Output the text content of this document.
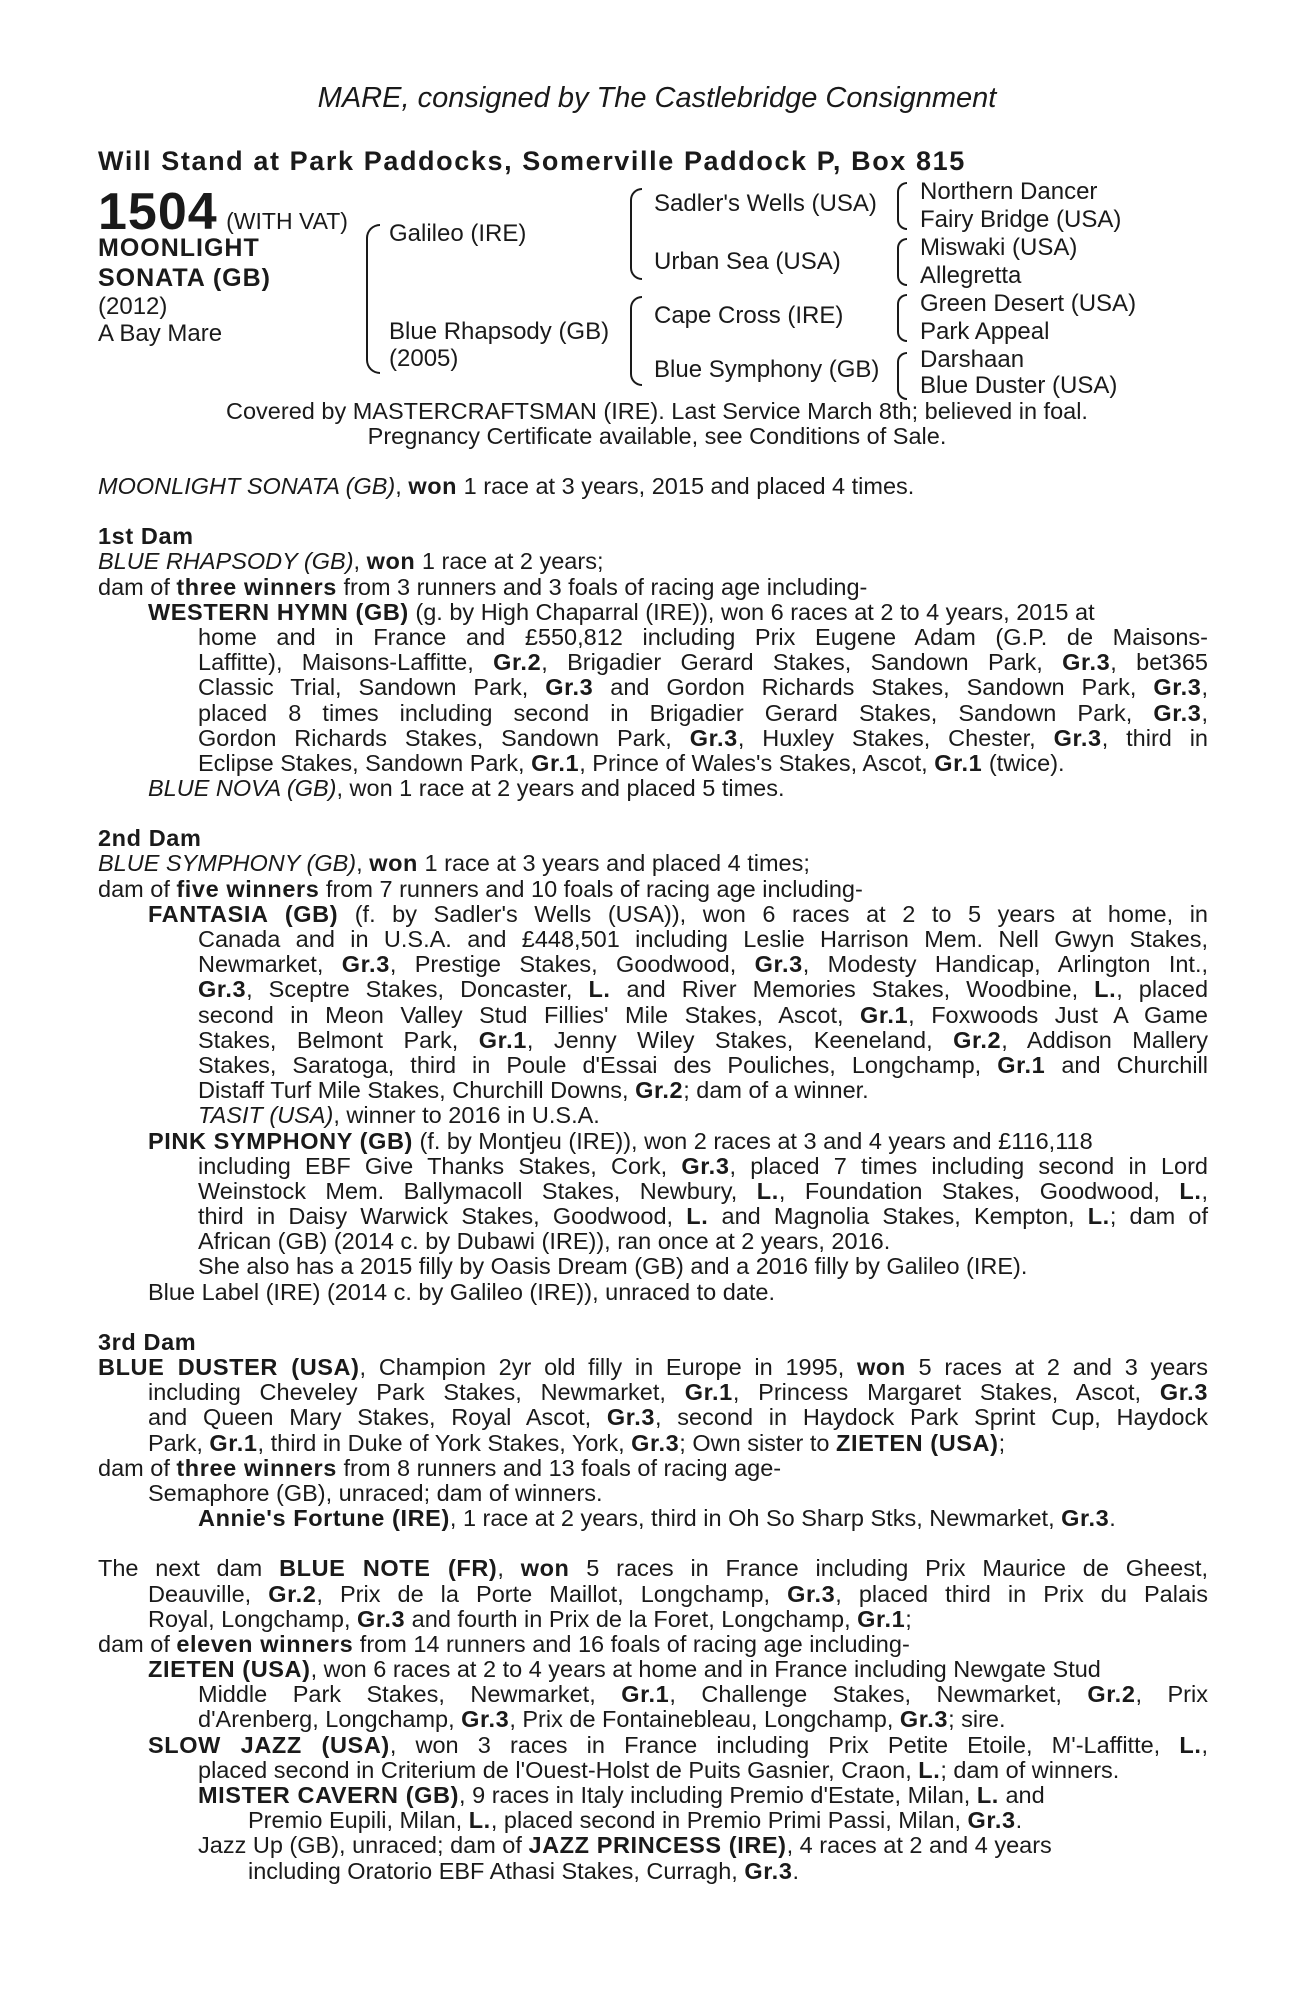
MARE, consigned by The Castlebridge Consignment
Will Stand at Park Paddocks, Somerville Paddock P, Box 815
1504 (WITH VAT)
MOONLIGHT
SONATA (GB)
(2012)
A Bay Mare
Galileo (IRE)
Blue Rhapsody (GB)
(2005)
Sadler's Wells (USA)
Urban Sea (USA)
Cape Cross (IRE)
Blue Symphony (GB)
Northern Dancer
Fairy Bridge (USA)
Miswaki (USA)
Allegretta
Green Desert (USA)
Park Appeal
Darshaan
Blue Duster (USA)
Covered by MASTERCRAFTSMAN (IRE). Last Service March 8th; believed in foal.
Pregnancy Certificate available, see Conditions of Sale.
MOONLIGHT SONATA (GB), won 1 race at 3 years, 2015 and placed 4 times.
1st Dam
BLUE RHAPSODY (GB), won 1 race at 2 years;
dam of three winners from 3 runners and 3 foals of racing age including-
WESTERN HYMN (GB) (g. by High Chaparral (IRE)), won 6 races at 2 to 4 years, 2015 at
home and in France and £550,812 including Prix Eugene Adam (G.P. de Maisons-
Laffitte), Maisons-Laffitte, Gr.2, Brigadier Gerard Stakes, Sandown Park, Gr.3, bet365
Classic Trial, Sandown Park, Gr.3 and Gordon Richards Stakes, Sandown Park, Gr.3,
placed 8 times including second in Brigadier Gerard Stakes, Sandown Park, Gr.3,
Gordon Richards Stakes, Sandown Park, Gr.3, Huxley Stakes, Chester, Gr.3, third in
Eclipse Stakes, Sandown Park, Gr.1, Prince of Wales's Stakes, Ascot, Gr.1 (twice).
BLUE NOVA (GB), won 1 race at 2 years and placed 5 times.
2nd Dam
BLUE SYMPHONY (GB), won 1 race at 3 years and placed 4 times;
dam of five winners from 7 runners and 10 foals of racing age including-
FANTASIA (GB) (f. by Sadler's Wells (USA)), won 6 races at 2 to 5 years at home, in
Canada and in U.S.A. and £448,501 including Leslie Harrison Mem. Nell Gwyn Stakes,
Newmarket, Gr.3, Prestige Stakes, Goodwood, Gr.3, Modesty Handicap, Arlington Int.,
Gr.3, Sceptre Stakes, Doncaster, L. and River Memories Stakes, Woodbine, L., placed
second in Meon Valley Stud Fillies' Mile Stakes, Ascot, Gr.1, Foxwoods Just A Game
Stakes, Belmont Park, Gr.1, Jenny Wiley Stakes, Keeneland, Gr.2, Addison Mallery
Stakes, Saratoga, third in Poule d'Essai des Pouliches, Longchamp, Gr.1 and Churchill
Distaff Turf Mile Stakes, Churchill Downs, Gr.2; dam of a winner.
TASIT (USA), winner to 2016 in U.S.A.
PINK SYMPHONY (GB) (f. by Montjeu (IRE)), won 2 races at 3 and 4 years and £116,118
including EBF Give Thanks Stakes, Cork, Gr.3, placed 7 times including second in Lord
Weinstock Mem. Ballymacoll Stakes, Newbury, L., Foundation Stakes, Goodwood, L.,
third in Daisy Warwick Stakes, Goodwood, L. and Magnolia Stakes, Kempton, L.; dam of
African (GB) (2014 c. by Dubawi (IRE)), ran once at 2 years, 2016.
She also has a 2015 filly by Oasis Dream (GB) and a 2016 filly by Galileo (IRE).
Blue Label (IRE) (2014 c. by Galileo (IRE)), unraced to date.
3rd Dam
BLUE DUSTER (USA), Champion 2yr old filly in Europe in 1995, won 5 races at 2 and 3 years
including Cheveley Park Stakes, Newmarket, Gr.1, Princess Margaret Stakes, Ascot, Gr.3
and Queen Mary Stakes, Royal Ascot, Gr.3, second in Haydock Park Sprint Cup, Haydock
Park, Gr.1, third in Duke of York Stakes, York, Gr.3; Own sister to ZIETEN (USA);
dam of three winners from 8 runners and 13 foals of racing age-
Semaphore (GB), unraced; dam of winners.
Annie's Fortune (IRE), 1 race at 2 years, third in Oh So Sharp Stks, Newmarket, Gr.3.
The next dam BLUE NOTE (FR), won 5 races in France including Prix Maurice de Gheest,
Deauville, Gr.2, Prix de la Porte Maillot, Longchamp, Gr.3, placed third in Prix du Palais
Royal, Longchamp, Gr.3 and fourth in Prix de la Foret, Longchamp, Gr.1;
dam of eleven winners from 14 runners and 16 foals of racing age including-
ZIETEN (USA), won 6 races at 2 to 4 years at home and in France including Newgate Stud
Middle Park Stakes, Newmarket, Gr.1, Challenge Stakes, Newmarket, Gr.2, Prix
d'Arenberg, Longchamp, Gr.3, Prix de Fontainebleau, Longchamp, Gr.3; sire.
SLOW JAZZ (USA), won 3 races in France including Prix Petite Etoile, M'-Laffitte, L.,
placed second in Criterium de l'Ouest-Holst de Puits Gasnier, Craon, L.; dam of winners.
MISTER CAVERN (GB), 9 races in Italy including Premio d'Estate, Milan, L. and
Premio Eupili, Milan, L., placed second in Premio Primi Passi, Milan, Gr.3.
Jazz Up (GB), unraced; dam of JAZZ PRINCESS (IRE), 4 races at 2 and 4 years
including Oratorio EBF Athasi Stakes, Curragh, Gr.3.
